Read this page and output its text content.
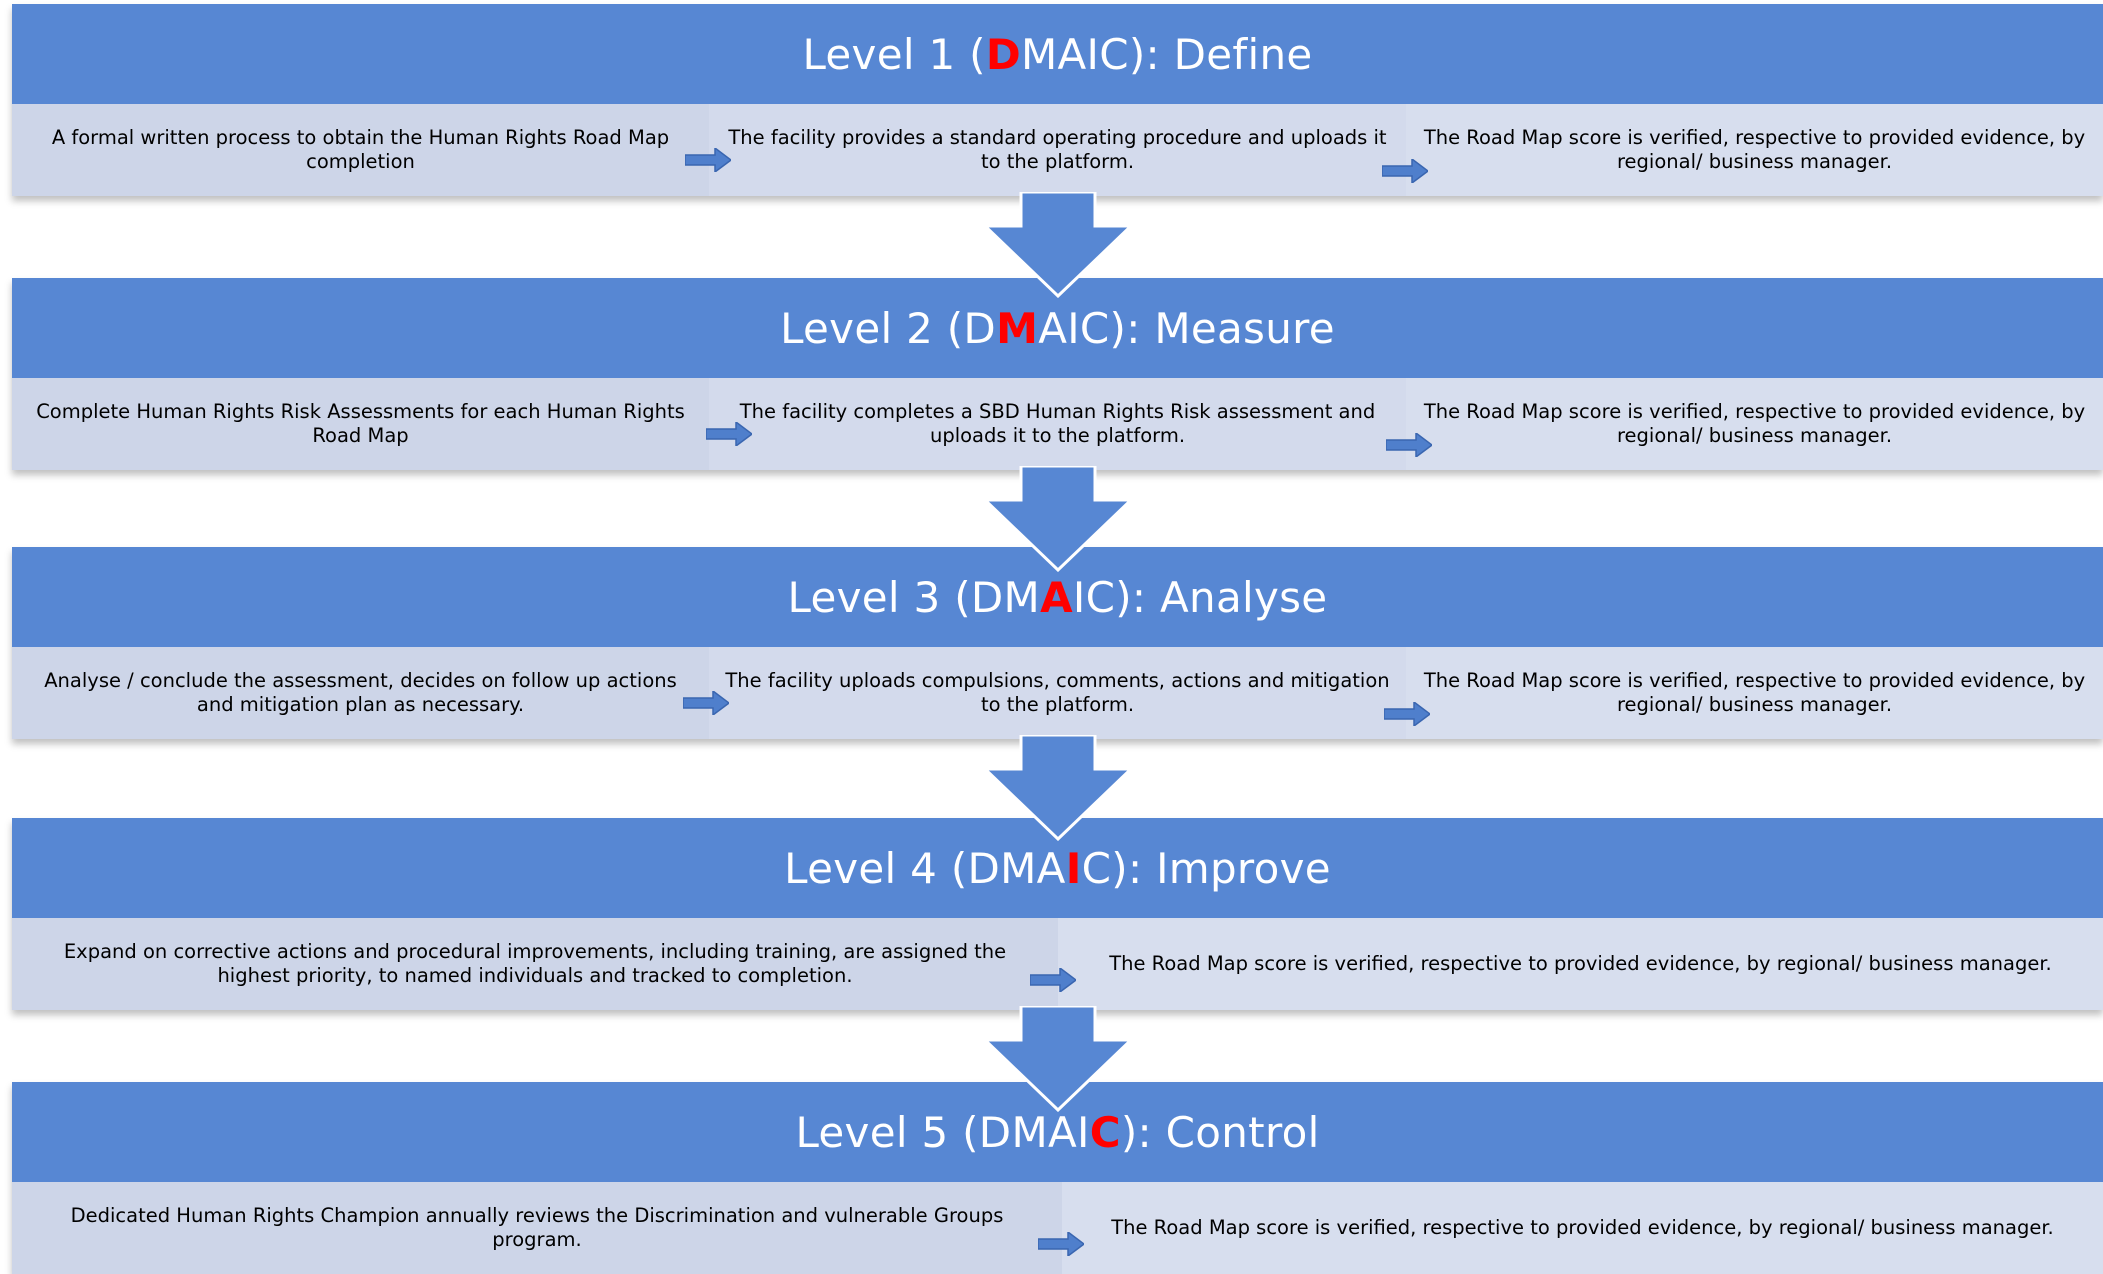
Level 1 ( D MAIC): Define
A formal written process to obtain the Human Rights Road Map completion
The facility provides a standard operating procedure and uploads it to the platform.
The Road Map score is verified, respective to provided evidence, by regional/ business manager.
Level 2 (D M AIC): Measure
Complete Human Rights Risk Assessments for each Human Rights Road Map
The facility completes a SBD Human Rights Risk assessment and uploads it to the platform.
The Road Map score is verified, respective to provided evidence, by regional/ business manager.
Level 3 (DM A IC): Analyse
Analyse / conclude the assessment, decides on follow up actions and mitigation plan as necessary.
The facility uploads compulsions, comments, actions and mitigation to the platform.
The Road Map score is verified, respective to provided evidence, by regional/ business manager.
Level 4 (DMA I C): Improve
Expand on corrective actions and procedural improvements, including training, are assigned the highest priority, to named individuals and tracked to completion.
The Road Map score is verified, respective to provided evidence, by regional/ business manager.
Level 5 (DMAI C ): Control
Dedicated Human Rights Champion annually reviews the Discrimination and vulnerable Groups program.
The Road Map score is verified, respective to provided evidence, by regional/ business manager.
